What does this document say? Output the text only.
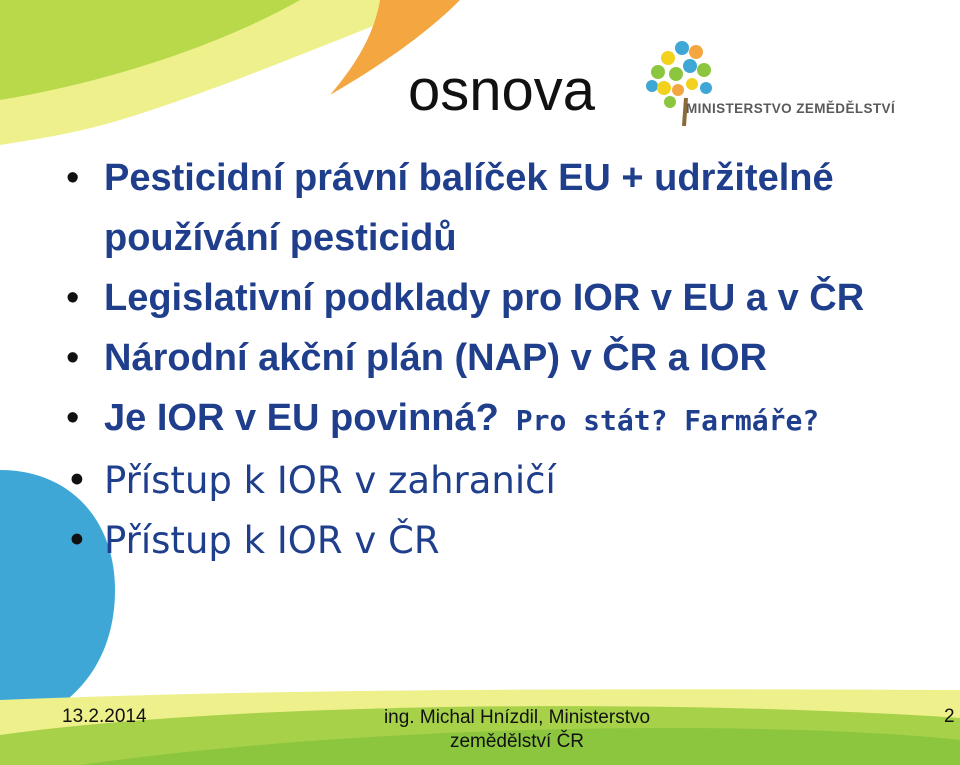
osnova	MINISTERSTVO ZEMĚDĚLSTVÍ
• Pesticidní právní balíček EU + udržitelné používání pesticidů
• Legislativní podklady pro IOR v EU a v ČR
• Národní akční plán (NAP) v ČR a IOR
• Je IOR v EU povinná? Pro stát? Farmáře?
• Přístup k IOR v zahraničí
• Přístup k IOR v ČR
13.2.2014	ing. Michal Hnízdil, Ministerstvo
zemědělství ČR
2
